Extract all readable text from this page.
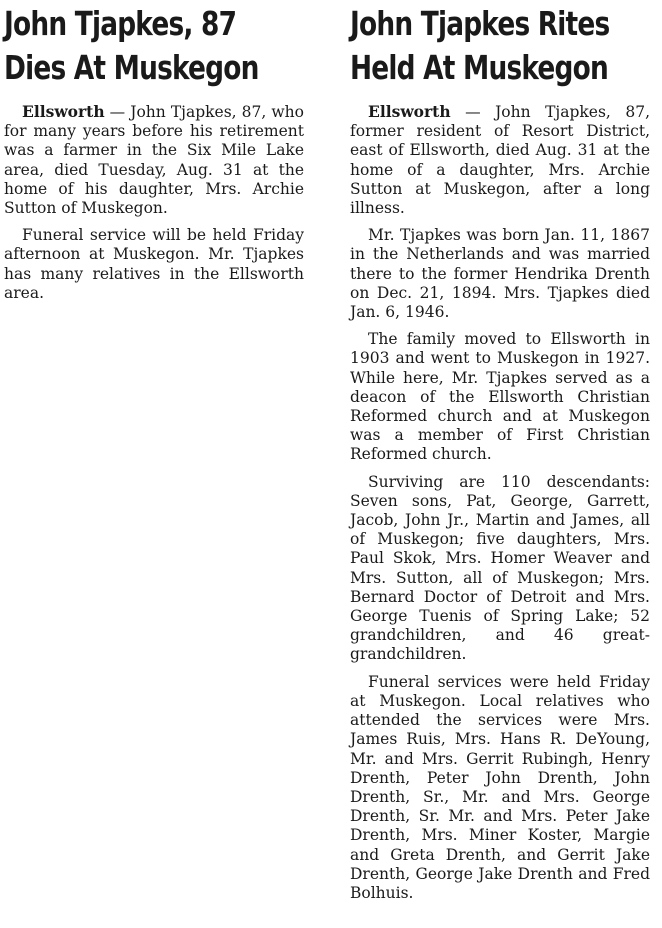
John Tjapkes, 87
Dies At Muskegon

Ellsworth — John Tjapkes, 87, who for many years before his retirement was a farmer in the Six Mile Lake area, died Tuesday, Aug. 31 at the home of his daughter, Mrs. Archie Sutton of Muskegon.

Funeral service will be held Friday afternoon at Muskegon. Mr. Tjapkes has many relatives in the Ellsworth area.

John Tjapkes Rites
Held At Muskegon

Ellsworth — John Tjapkes, 87, former resident of Resort District, east of Ellsworth, died Aug. 31 at the home of a daughter, Mrs. Archie Sutton at Muskegon, after a long illness.

Mr. Tjapkes was born Jan. 11, 1867 in the Netherlands and was married there to the former Hendrika Drenth on Dec. 21, 1894. Mrs. Tjapkes died Jan. 6, 1946.

The family moved to Ellsworth in 1903 and went to Muskegon in 1927. While here, Mr. Tjapkes served as a deacon of the Ellsworth Christian Reformed church and at Muskegon was a member of First Christian Reformed church.

Surviving are 110 descendants: Seven sons, Pat, George, Garrett, Jacob, John Jr., Martin and James, all of Muskegon; five daughters, Mrs. Paul Skok, Mrs. Homer Weaver and Mrs. Sutton, all of Muskegon; Mrs. Bernard Doctor of Detroit and Mrs. George Tuenis of Spring Lake; 52 grandchildren, and 46 great-grandchildren.

Funeral services were held Friday at Muskegon. Local relatives who attended the services were Mrs. James Ruis, Mrs. Hans R. DeYoung, Mr. and Mrs. Gerrit Rubingh, Henry Drenth, Peter John Drenth, John Drenth, Sr., Mr. and Mrs. George Drenth, Sr. Mr. and Mrs. Peter Jake Drenth, Mrs. Miner Koster, Margie and Greta Drenth, and Gerrit Jake Drenth, George Jake Drenth and Fred Bolhuis.
